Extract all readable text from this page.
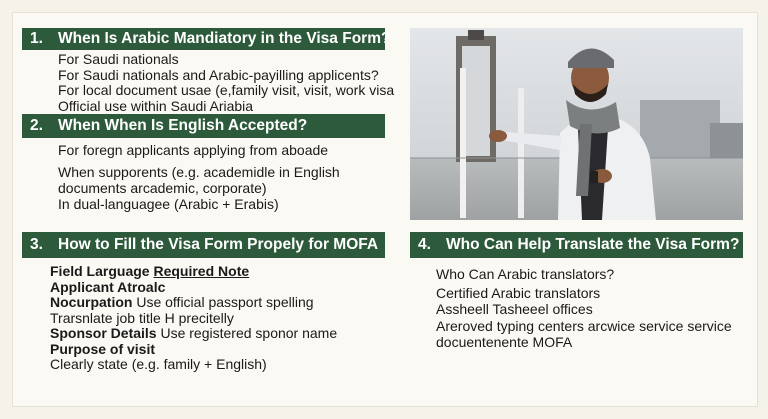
1. When Is Arabic Mandiatory in the Visa Form?
For Saudi nationals
For Saudi nationals and Arabic-payilling applicents?
For local document usae (e,family visit, visit, work visa
Official use within Saudi Ariabia
2. When When Is English Accepted?
For foregn applicants applying from aboade
When supporents (e.g. academidle in English
documents arcademic, corporate)
In dual-languagee (Arabic + Erabis)
3. How to Fill the Visa Form Propely for MOFA
Field Larguage Required Note
Applicant Atroalc
Nocurpation Use official passport spelling
Trarsnlate job title H precitelly
Sponsor Details Use registered sponor name
Purpose of visit
Clearly state (e.g. family + English)
4. Who Can Help Translate the Visa Form?
Who Can Arabic translators?
Certified Arabic translators
Assheell Tasheeel offices
Areroved typing centers arcwice service service
docuentenente MOFA
